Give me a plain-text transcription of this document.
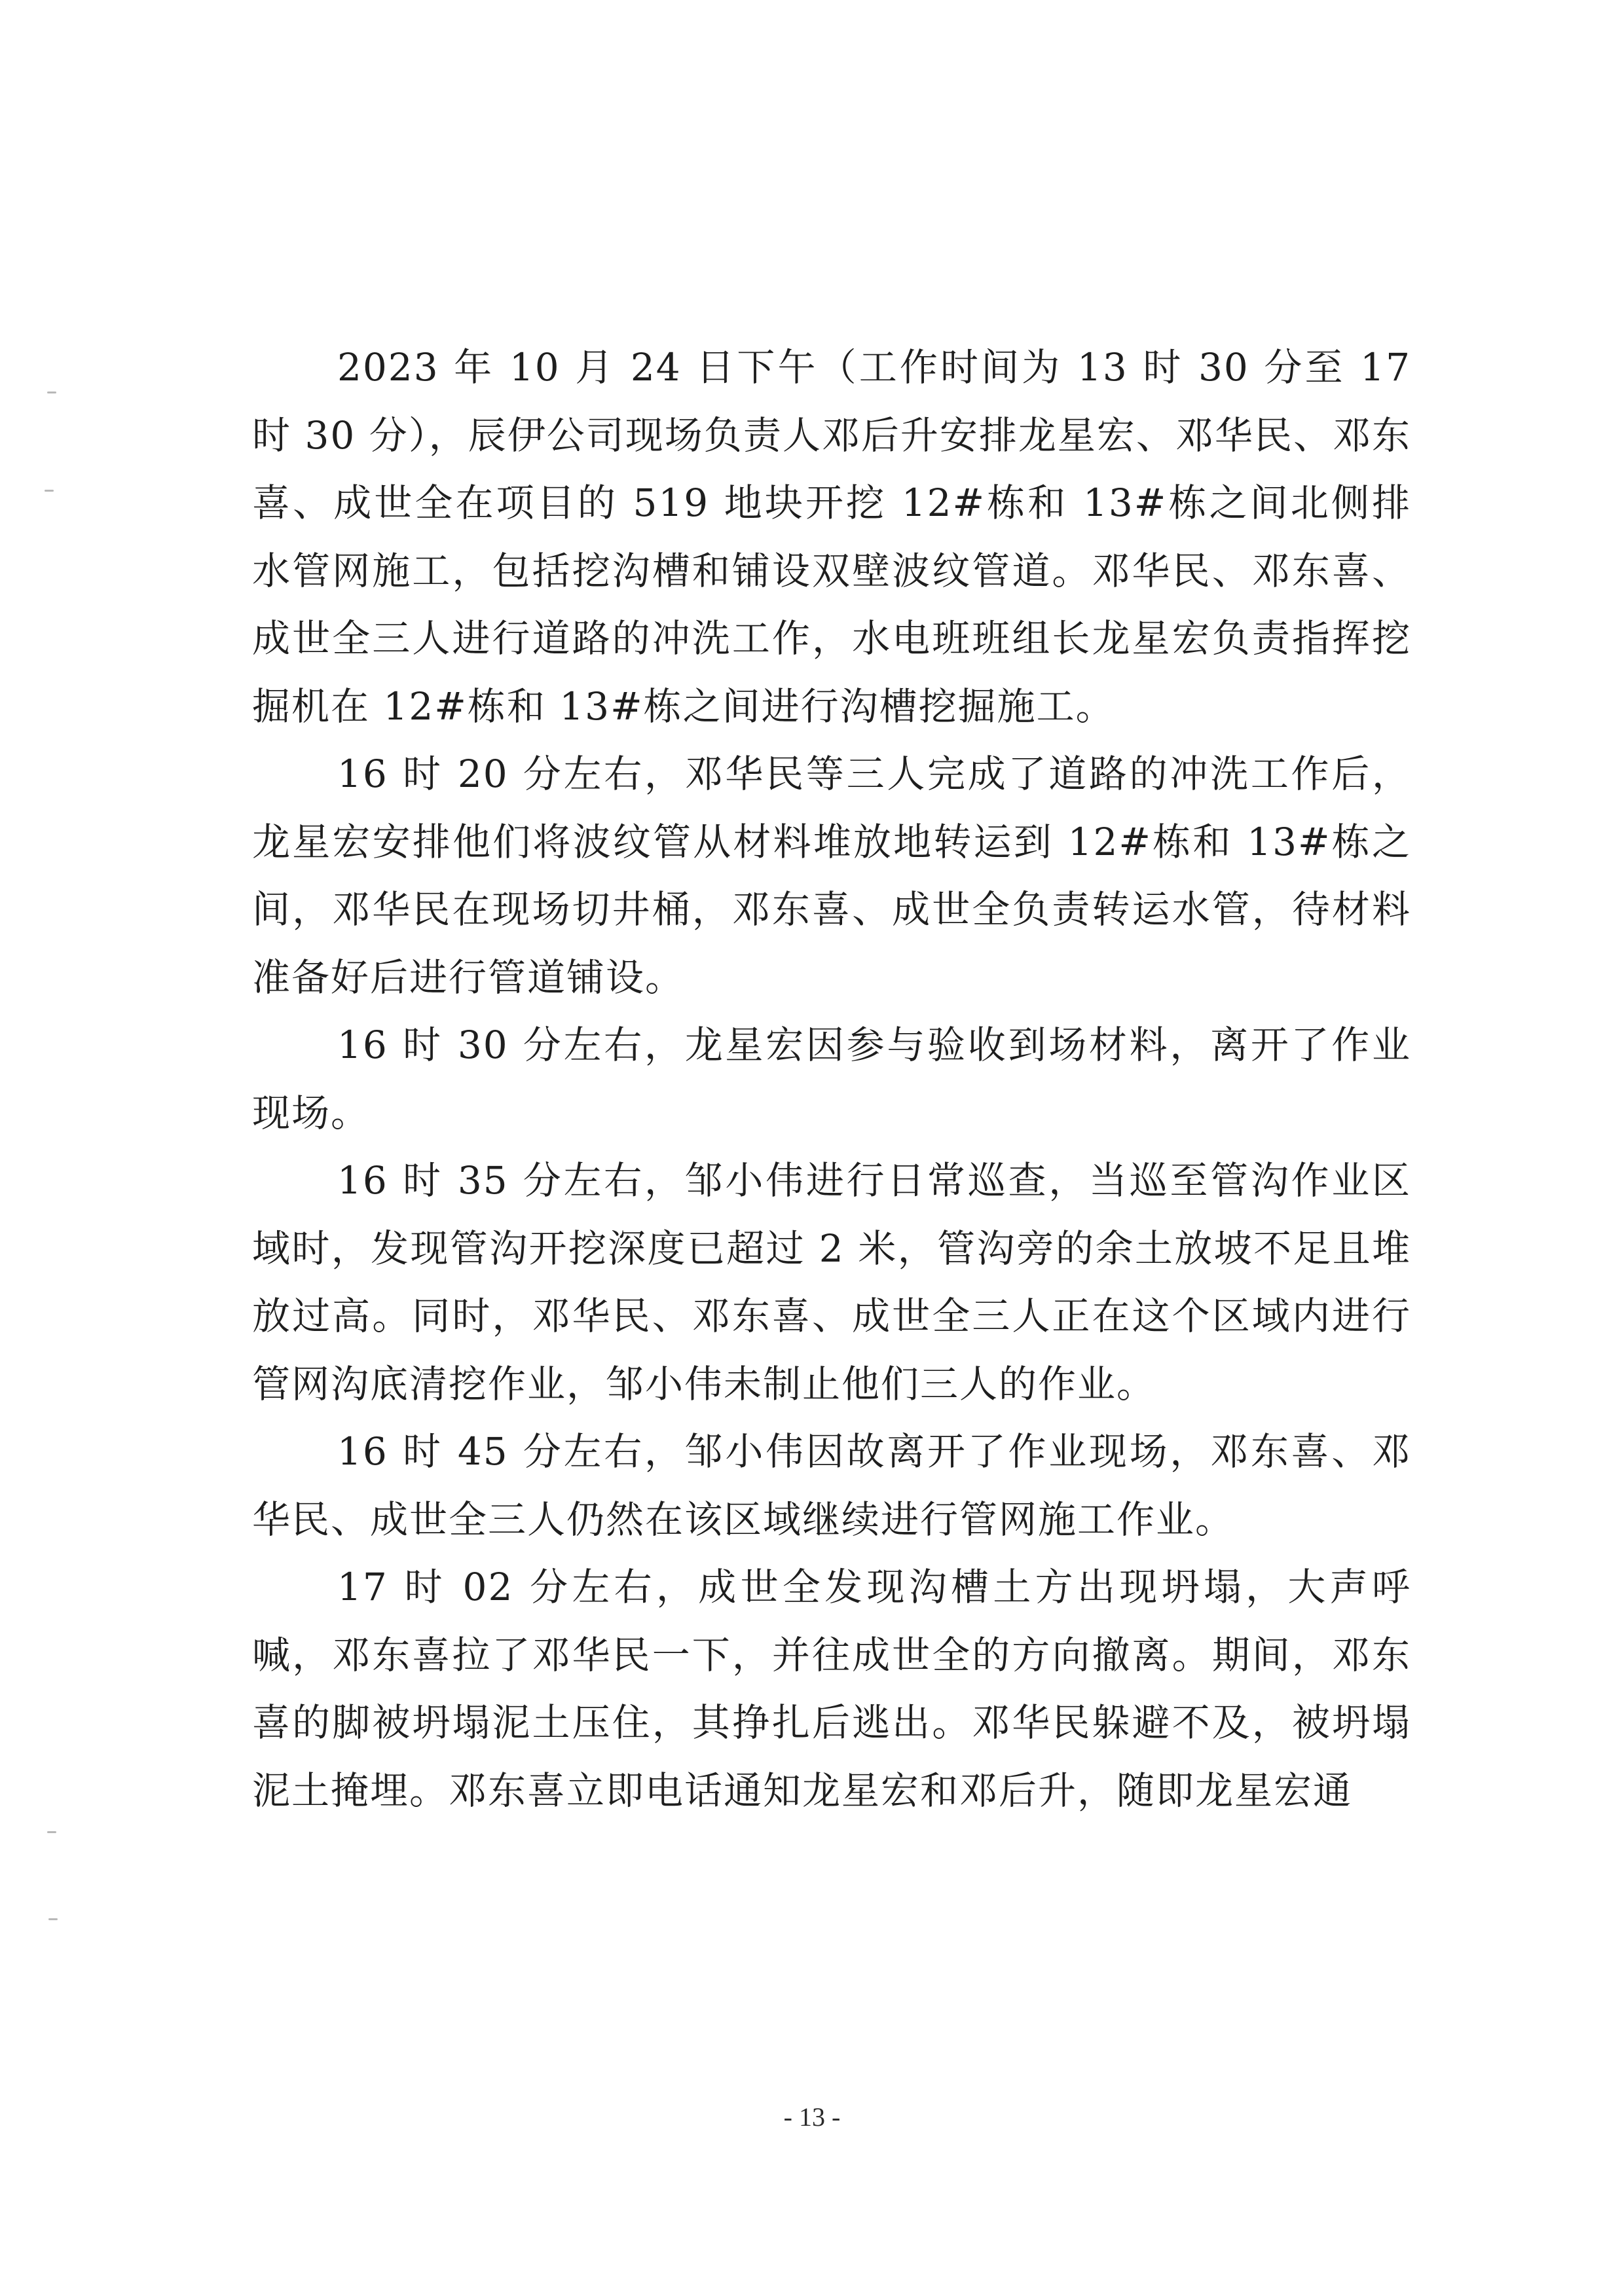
2023 年 10 月 24 日下午（工作时间为 13 时 30 分至 17 时 30 分），辰伊公司现场负责人邓后升安排龙星宏、邓华民、邓东喜、成世全在项目的 519 地块开挖 12#栋和 13#栋之间北侧排水管网施工，包括挖沟槽和铺设双壁波纹管道。邓华民、邓东喜、成世全三人进行道路的冲洗工作，水电班班组长龙星宏负责指挥挖掘机在 12#栋和 13#栋之间进行沟槽挖掘施工。

16 时 20 分左右，邓华民等三人完成了道路的冲洗工作后，龙星宏安排他们将波纹管从材料堆放地转运到 12#栋和 13#栋之间，邓华民在现场切井桶，邓东喜、成世全负责转运水管，待材料准备好后进行管道铺设。

16 时 30 分左右，龙星宏因参与验收到场材料，离开了作业现场。

16 时 35 分左右，邹小伟进行日常巡查，当巡至管沟作业区域时，发现管沟开挖深度已超过 2 米，管沟旁的余土放坡不足且堆放过高。同时，邓华民、邓东喜、成世全三人正在这个区域内进行管网沟底清挖作业，邹小伟未制止他们三人的作业。

16 时 45 分左右，邹小伟因故离开了作业现场，邓东喜、邓华民、成世全三人仍然在该区域继续进行管网施工作业。

17 时 02 分左右，成世全发现沟槽土方出现坍塌，大声呼喊，邓东喜拉了邓华民一下，并往成世全的方向撤离。期间，邓东喜的脚被坍塌泥土压住，其挣扎后逃出。邓华民躲避不及，被坍塌泥土掩埋。邓东喜立即电话通知龙星宏和邓后升，随即龙星宏通

- 13 -
